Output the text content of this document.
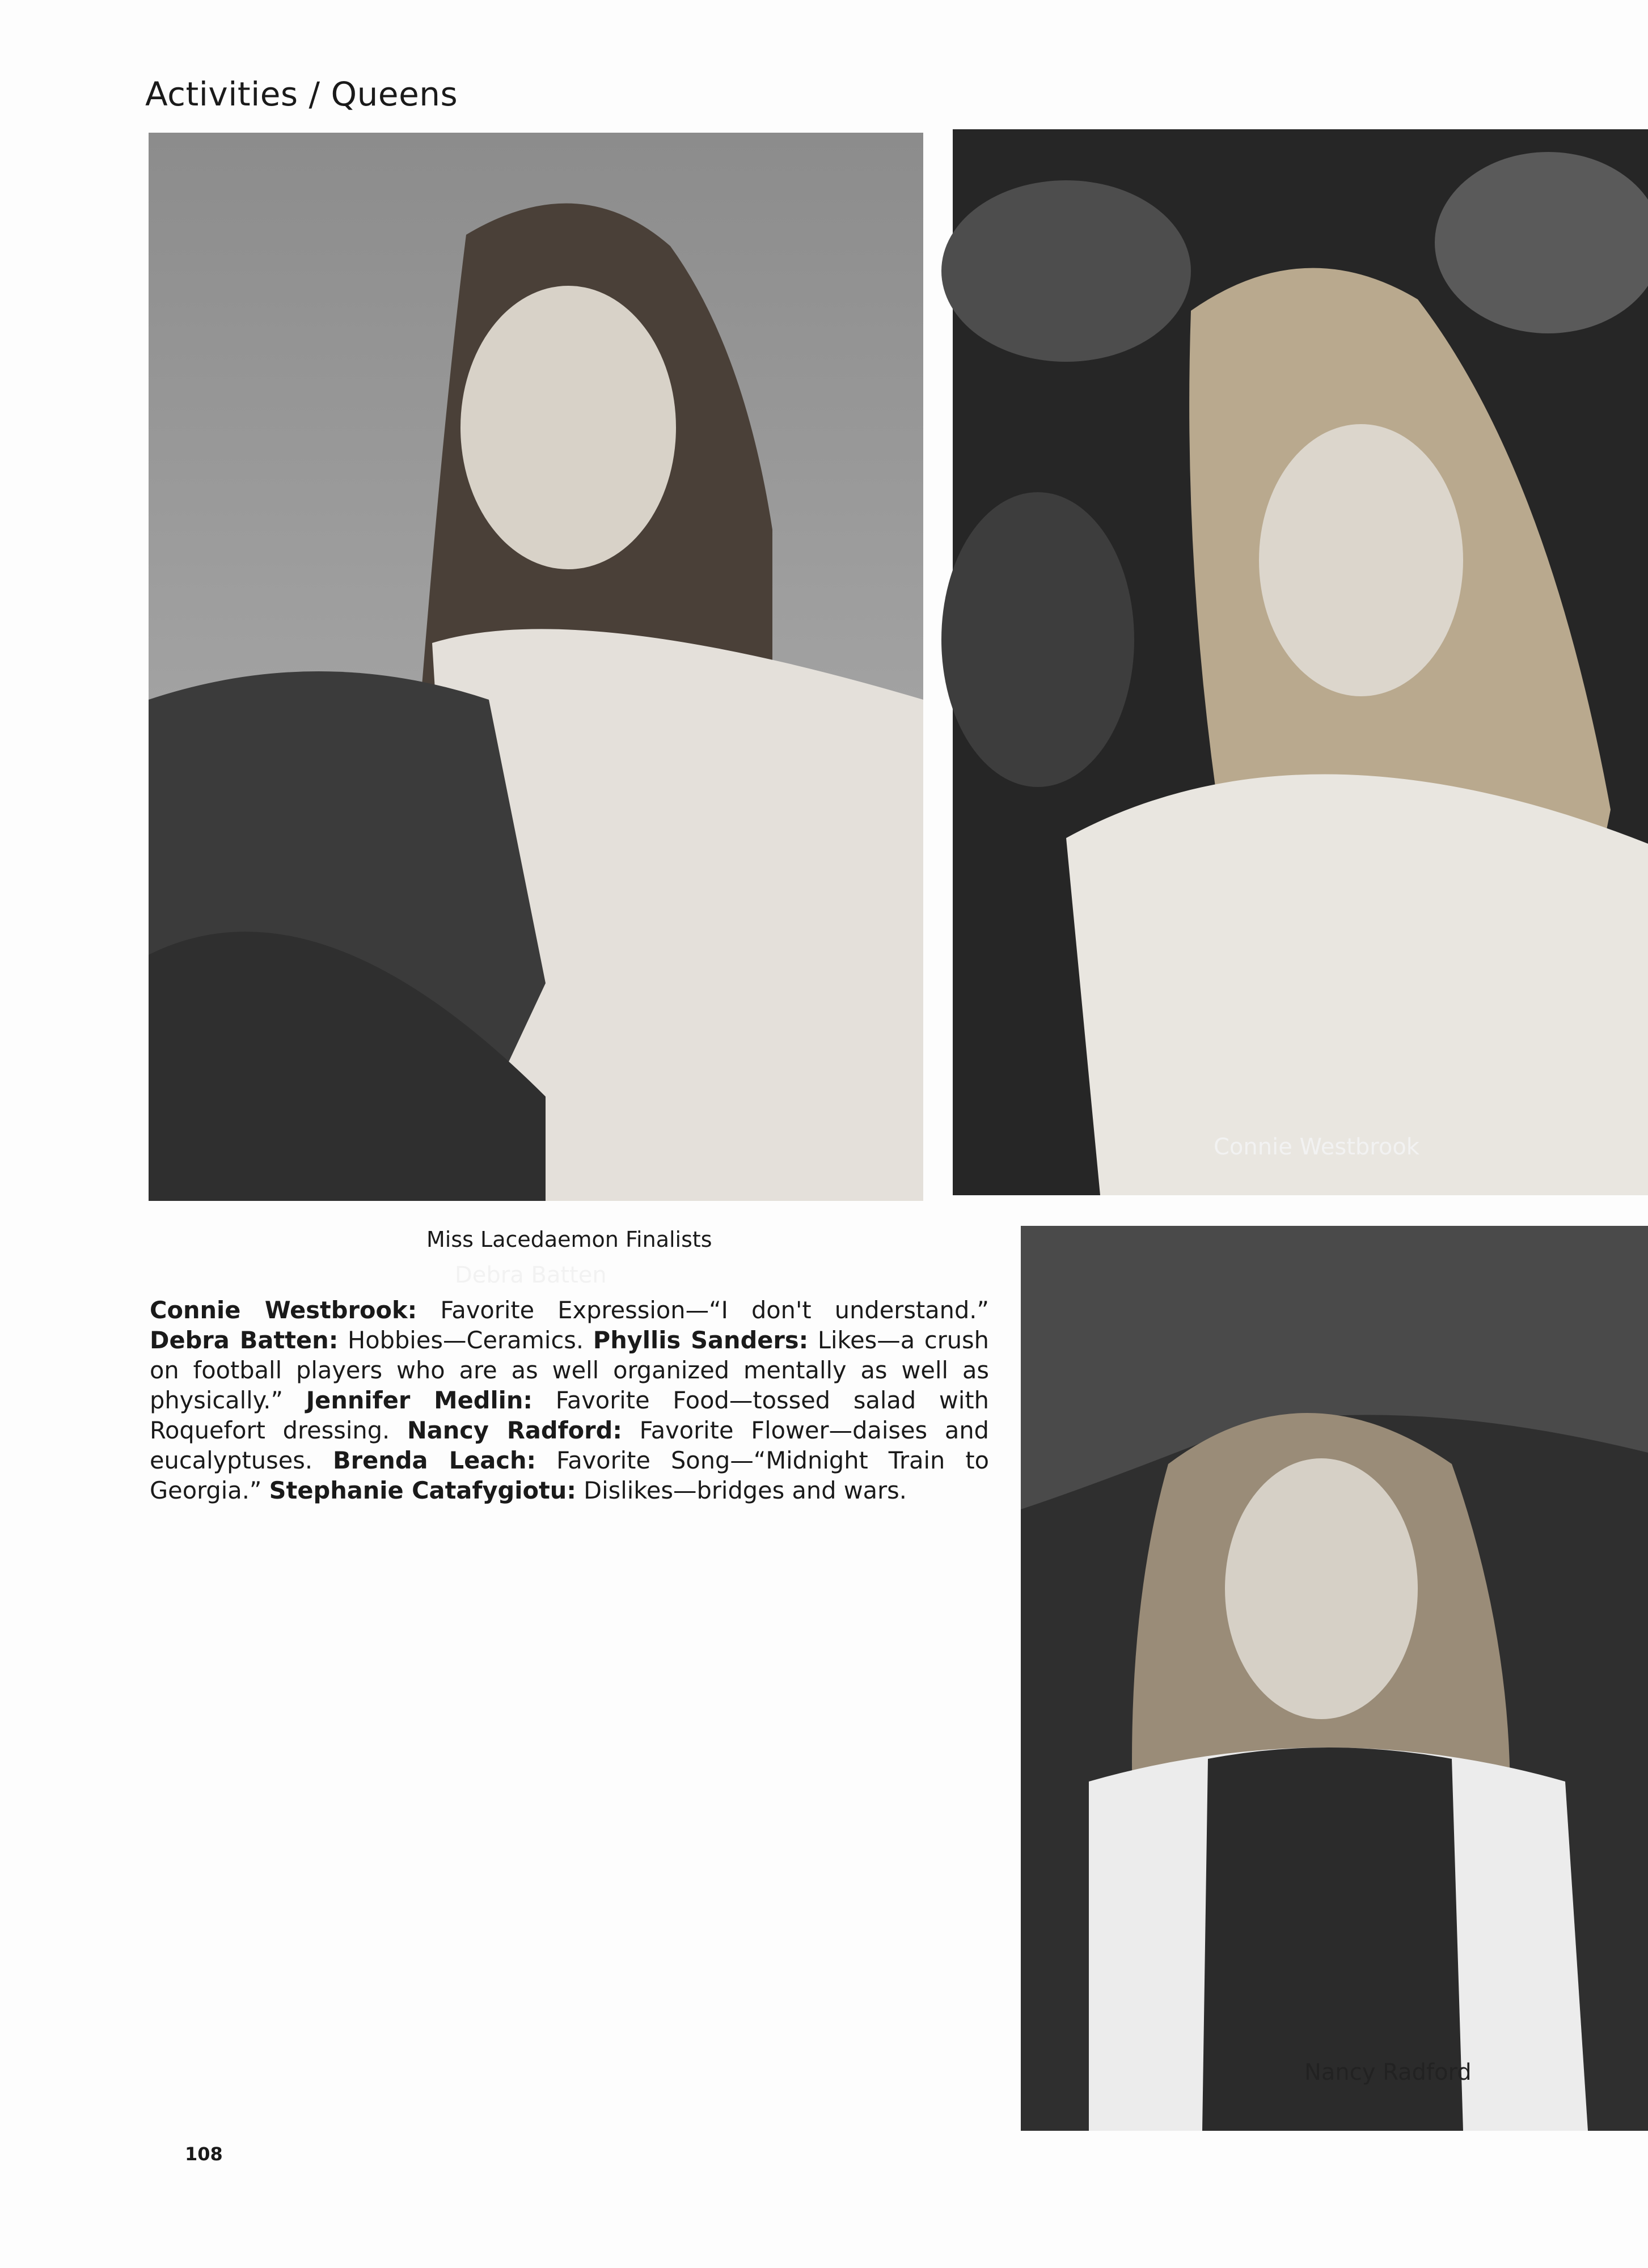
Activities / Queens
Debra Batten
Connie Westbrook
Nancy Radford
Miss Lacedaemon Finalists

Connie Westbrook: Favorite Expression—“I don't understand.” Debra Batten: Hobbies—Ceramics. Phyllis Sanders: Likes—a crush on football players who are as well organized mentally as well as physically.” Jennifer Medlin: Favorite Food—tossed salad with Roquefort dressing. Nancy Radford: Favorite Flower—daises and eucalyptuses. Brenda Leach: Favorite Song—“Midnight Train to Georgia.” Stephanie Catafygiotu: Dislikes—bridges and wars.

108
